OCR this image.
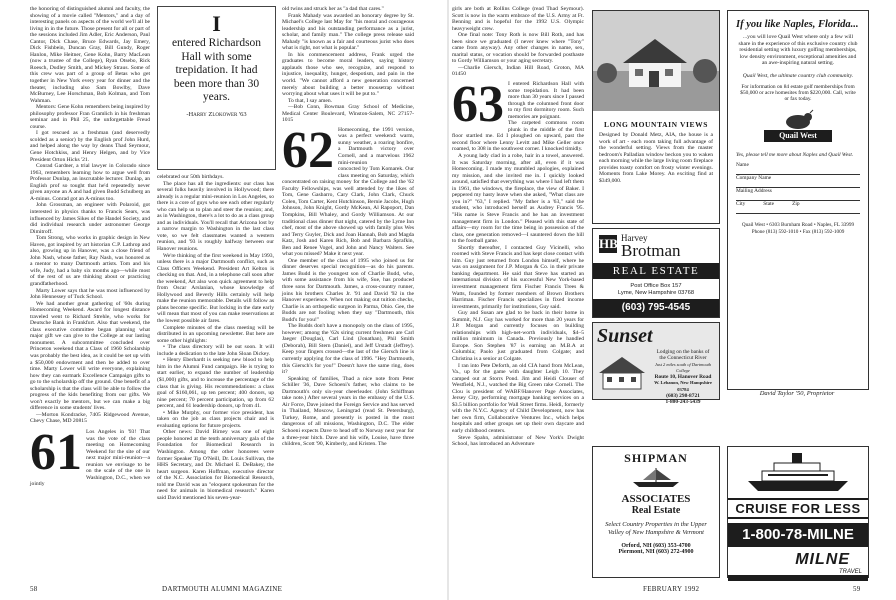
the honoring of distinguished alumni and faculty, the showing of a movie called "Mentors," and a day of interesting panels on aspects of the world we'll all be living in in the future. Those present for all or part of the sessions included Jim Adler, Eric Anderson, Paul Cantor, Dick Chase, Bruce Edwards, Jay Emery, Dick Fishbein, Duncan Gray, Bill Gundy, Roger Hanlon, Mike Heitner, Gene Kohn, Barry MacLean (now a trustee of the College), Ryan Otsebo, Rick Roesch, Dudley Smith, and Mickey Straus. Some of this crew was part of a group of Betas who get together in New York every year for dinner and the theater, including also Sam Bowlby, Dave McBurney, Lee Horschman, Bob Kolman, and Tom Wahman.

Mentors: Gene Kohn remembers being inspired by philosophy professor Fran Gramlich in his freshman seminar and in Phil 25, the unforgettable Freud course.

I got rescued as a freshman (and deservedly scolded as a senior) by the English prof John Hurd, and helped along the way by deans Thad Seymour, Gene Hotchkiss, and Henry Helgen, and by Vice President Orton Hicks '21.

Conrad Gardner, a trial lawyer in Colorado since 1963, remembers learning how to argue well from Professor Dunlap, an inscrutable lecturer. Dunlap, an English prof so tought that he'd repeatedly never given anyone an A and had given Budd Schulberg an A-minus. Conrad got an A-minus too.

John Grossman, an engineer with Polaroid, got interested in physics thanks to Francis Sears, was influenced by James Sikes of the Handel Society, and did individual research under astronomer George Dimitroff.

Tom Strong, who works in graphic design in New Haven, got inspired by art historian C.P. Lathrop and also, growing up in Hanover, was a close friend of John Nash, whose father, Ray Nash, was honored as a mentor to many Dartmouth artists. Tom and his wife, Judy, had a baby six months ago—while most of the rest of us are thinking about or practicing grandfatherhood.

Marty Lower says that he was most influenced by John Hennessey of Tuck School.

We had another great gathering of '60s during Homecoming Weekend. Award for longest distance traveled went to Richard Strehle, who works for Deutsche Bank in Frankfurt. Also that weekend, the class executive committee began planning what major gift we can give to the College at our lasting monument. A subcommittee concluded over Princeton weekend that a Class of 1960 Scholarship was probably the best idea, as it could be set up with a $50,000 endowment and then be added to over time. Marty Lower will write everyone, explaining how they can earmark Excellence Campaign gifts to go to the scholarship off the ground. One benefit of a scholarship is that the class will be able to follow the progress of the kids benefiting from our gifts. We won't exactly be mentors, but we can make a big difference in some students' lives.

—Morton Kondracke, 7405 Ridgewood Avenue, Chevy Chase, MD 20815

61 Los Angeles in '93! That was the vote of the class meeting on Homecoming Weekend for the site of our next major mini-reunion—a reunion we envisage to be on the scale of the one in Washington, D.C., when we jointly
I
entered Richardson Hall with some trepidation. It had been more than 30 years.
-Harry Zlokower '63

celebrated our 50th birthdays.

The place has all the ingredients: our class has several folks heavily involved in Hollywood; there already is a regular mini-reunion in Los Angeles, so there is a core of guys who see each other regularly who can help us to plan and steer the reunion; and, as in Washington, there's a lot to do as a class group and as individuals. You'll recall that Arizona lost by a narrow margin to Washington in the last class vote, so we felt classmates wanted a western reunion, and '93 is roughly halfway between our Hanover reunions.

We're thinking of the first weekend in May 1993, unless there is a major Dartmouth conflict, such as Class Officers Weekend. President Art Kelton is checking on that. And, in a telephone call soon after the weekend, Art also won quick agreement to help from Oscar Arslanian, whose knowledge of Hollywood and Beverly Hills certainly will help make the reunion memorable. Details will follow as plans become specific. But locking in the date early will mean that most of you can make reservations at the lowest possible air fares.

Complete minutes of the class meeting will be distributed in an upcoming newsletter. But here are some other highlights:

• The class directory will be out soon. It will include a dedication to the late John Sloan Dickey.

• Henry Eberhardt is seeking new blood to help him in the Alumni Fund campaign. He is trying to start earlier, to expand the number of leadership ($1,000) gifts, and to increase the percentage of the class that is giving. His recommendations: a class goal of $160,061, up ten percent; 400 donors, up nine percent; 70 percent participation, up from 62 percent, and 61 leadership donors, up from 41.

• Mike Murphy, our former vice president, has taken on the job as class projects chair and is evaluating options for future projects.

Other news: David Birney was one of eight people honored at the tenth anniversary gala of the Foundation for Biomedical Research in Washington. Among the other honorees were former Speaker Tip O'Neill, Dr. Louis Sullivan, the HHS Secretary, and Dr. Michael E. DeBakey, the heart surgeon. Karen Hoffman, executive director of the N.C. Association for Biomedical Research, told me David was an "eloquent spokesman for the need for animals in biomedical research." Karen said David mentioned his seven-year-

old twins and struck her as "a dad that cares."

Frank Mahady was awarded an honorary degree by St. Michael's College last May for "his moral and courageous leadership and his outstanding performance as a jurist, scholar, and family man." The college press release said Mahady "is known as a fair and courteous jurist who does what is right, not what is popular."

In his commencement address, Frank urged the graduates to become moral leaders, saying history applauds those who see, recognize, and respond to injustice, inequality, hunger, despotism, and pain in the world. "We cannot afford a new generation concerned merely about building a better mousetrap without worrying about what uses it will be put to."

To that, I say amen.

—Bob Conn, Bowman Gray School of Medicine, Medical Center Boulevard, Winston-Salem, NC 27157-1015

62 Homecoming, the 1991 version, was a perfect weekend: warm, sunny weather, a roaring bonfire, a Dartmouth victory over Cornell, and a marvelous 1962 mini-reunion

concocted by Tom Komarek. Our class meeting on Saturday, which concentrated on raising money for the College and the '62 Faculty Fellowships, was well attended by the likes of Tom, Gene Gasbarro, Cary Clark, John Clark, Chuck Colen, Tom Carter, Kent Hutchinson, Bernie Jacobs, Hugh Johnson, John Knight, Gordy McKean, Al Rapoport, Dan Tompkins, Bill Whaley, and Gordy Williamson. At our traditional class dinner that night, catered by the Lyme Inn chef, most of the above showed up with family plus Wes and Terry Guyler, Dick and Joan Hannah, Bob and Magda Katz, Josh and Karen Rich, Bob and Barbara Sprafkin, Ben and Renee Vogel, and John and Nancy Walters. See what you missed? Make it next year.

One member of the class of 1995 who joined us for dinner deserves special recognition—as do his parents. James Budd is the youngest son of Charlie Budd, who, with some assistance from his wife, Sue, has produced three sons for Dartmouth. James, a cross-country runner, joins his brothers Charles Jr. '91 and David '92 in the Hanover experience. When not making out tuition checks, Charlie is an orthopedic surgeon in Parma, Ohio. Gee, the Budds are not fooling when they say "Dartmouth, this Budd's for you!"

The Budds don't have a monopoly on the class of 1995, however; among the '62s siring current freshmen are Carl Jaeger (Douglas), Carl Lind (Jonathan), Phil Smith (Deborah), Bill Stern (Daniel), and Jeff Urstadt (Jeffrey). Keep your fingers crossed—the last of the Giersch line is currently applying for the class of 1996. "Hey Dartmouth, this Giersch's for you!" Doesn't have the same ring, does it?

Speaking of families, Thad a nice note from Peter Schiller '36, Dave Schoeni's father, who claims to be Dartmouth's only six-year cheerleader. (John Schiffman take note.) After several years in the embassy of the U.S. Air Force, Dave joined the Foreign Service and has served in Thailand, Moscow, Leningrad (read St. Petersburg), Turkey, Rome, and presently is posted in the most dangerous of all missions, Washington, D.C. The elder Schoeni expects Dave to head off to Norway next year for a three-year hitch. Dave and his wife, Louise, have three children, Scott '90, Kimberly, and Kristen. The

58	DARTMOUTH ALUMNI MAGAZINE

girls are both at Rollins College (read Thad Seymour). Scott is now in the warm embrace of the U.S. Army at Ft. Benning and is hopeful for the 1992 U.S. Olympic heavyweight crew.

One final note: Tony Roth is now Bill Roth, and has been since we graduated (I never knew where "Tony" came from anyway). Any other changes in name, sex, marital status, or vocation should be forwarded posthaste to Gordy Williamson or your aging secretary.

—Charlie Giersch, Indian Hill Road, Groton, MA 01450

63 I entered Richardson Hall with some trepidation. It had been more than 30 years since I passed through the columned front door to my first dormitory room. Such memories are poignant.

The carpeted commons room plunk in the middle of the first floor startled me. Ed I ploughed on upward, past the second floor where Lenny Levitt and Mike Geller once roamed, to 308 in the southwest corner. I knocked timidly.

A young lady clad in a robe, hair in a towel, answered. It was Saturday morning, after all, even if it was Homecoming. I made my mumbled apologies, explained my mission, and she invited me in. I quickly looked around, satisfied that everything was where I had left them in 1961, the windows, the fireplace, the view of Baker. I peppered my hasty leave when she asked, "What class are you in?" "63," I replied. "My father is a '63," said the student, who introduced herself as Audrey Francis '95. "His name is Steve Francis and he has an investment management firm in London." Pleased with this state of affairs—my room for the time being in possession of the class, one generation removed—I sauntered down the hill to the football game.

Shortly thereafter, I contacted Guy Vicinelli, who roomed with Steve Francis and has kept close contact with him. Guy just returned from London himself, where he was on assignment for J.P. Morgan & Co. in their private banking department. He said that Steve has started an international division of his successful New York-based investment management firm Fischer Francis Trees & Watts, founded by former members of Brown Brothers Harriman. Fischer Francis specializes in fixed income investments, primarily for institutions, Guy said.

Guy and Susan are glad to be back in their home in Summit, N.J. Guy has worked for more than 20 years for J.P. Morgan and currently focuses on building relationships with high-net-worth individuals, $4–5 million minimum in Canada. Previously he handled Europe. Son Stephen '87 is earning an M.B.A at Columbia; Paolo just graduated from Colgate; and Christina is a senior at Colgate.

I ran into Pete Deforth, an old CIA hand from McLean, Va., up for the game with daughter Leigh 10. They camped out at Storrs Pond. Jim and Heidi Clouser of Westfield, N.J., watched the Big Green rake Cornell. The Clou is president of WABF/Hanover Page Associates, Jersey City, performing mortgage banking services on a $3.5 billion portfolio for Wall Street firms. Heidi, formerly with the N.Y.C. Agency of Child Development, now has her own firm, Collaborative Ventures Inc., which helps hospitals and other groups set up their own daycare and early childhood centers.

Steve Spahn, administrator of New York's Dwight School, has introduced an Adventure

LONG MOUNTAIN VIEWS
Designed by Donald Metz, AIA, the house is a work of art - each room taking full advantage of the wonderful setting. Views from the master bedroom's Palladian window beckon you to waken each morning while the large living room fireplace provides toasty comfort on frosty winter evenings. Moments from Lake Morey. An exciting find at $349,000.
HB Harvey
Brotman
REAL ESTATE
Post Office Box 157
Lyme, New Hampshire 03768
(603) 795-4545
Sunset
Lodging on the banks of
the Connecticut River
Just 2 miles south of Dartmouth College
Route 10, Hanover Road
W. Lebanon, New Hampshire 03784
(603) 298-8721
1-800-243-5439
If you like Naples, Florida...
...you will love Quail West where only a few will share in the experience of this exclusive country club residential setting with luxury golfing memberships, low density environment, exceptional amenities and an awe-inspiring natural setting.
Quail West, the ultimate country club community.
For information on 84 estate golf memberships from $50,000 or acre homesites from $220,000. Call, write or fax today.
Quail West
Yes, please tell me more about Naples and Quail West.
Name
Company Name
Mailing Address
City	State	Zip
Quail West • 6303 Burnham Road • Naples, FL 33999
Phone (813) 592-1010 • Fax (813) 592-1009
David Taylor '50, Proprietor
SHIPMAN
ASSOCIATES
Real Estate
Select Country Properties in the Upper Valley of New Hampshire & Vermont
Orford, NH (603) 353-4700
Piermont, NH (603) 272-4900
CRUISE FOR LESS
1-800-78-MILNE
MILNE
TRAVEL
FEBRUARY 1992	59
